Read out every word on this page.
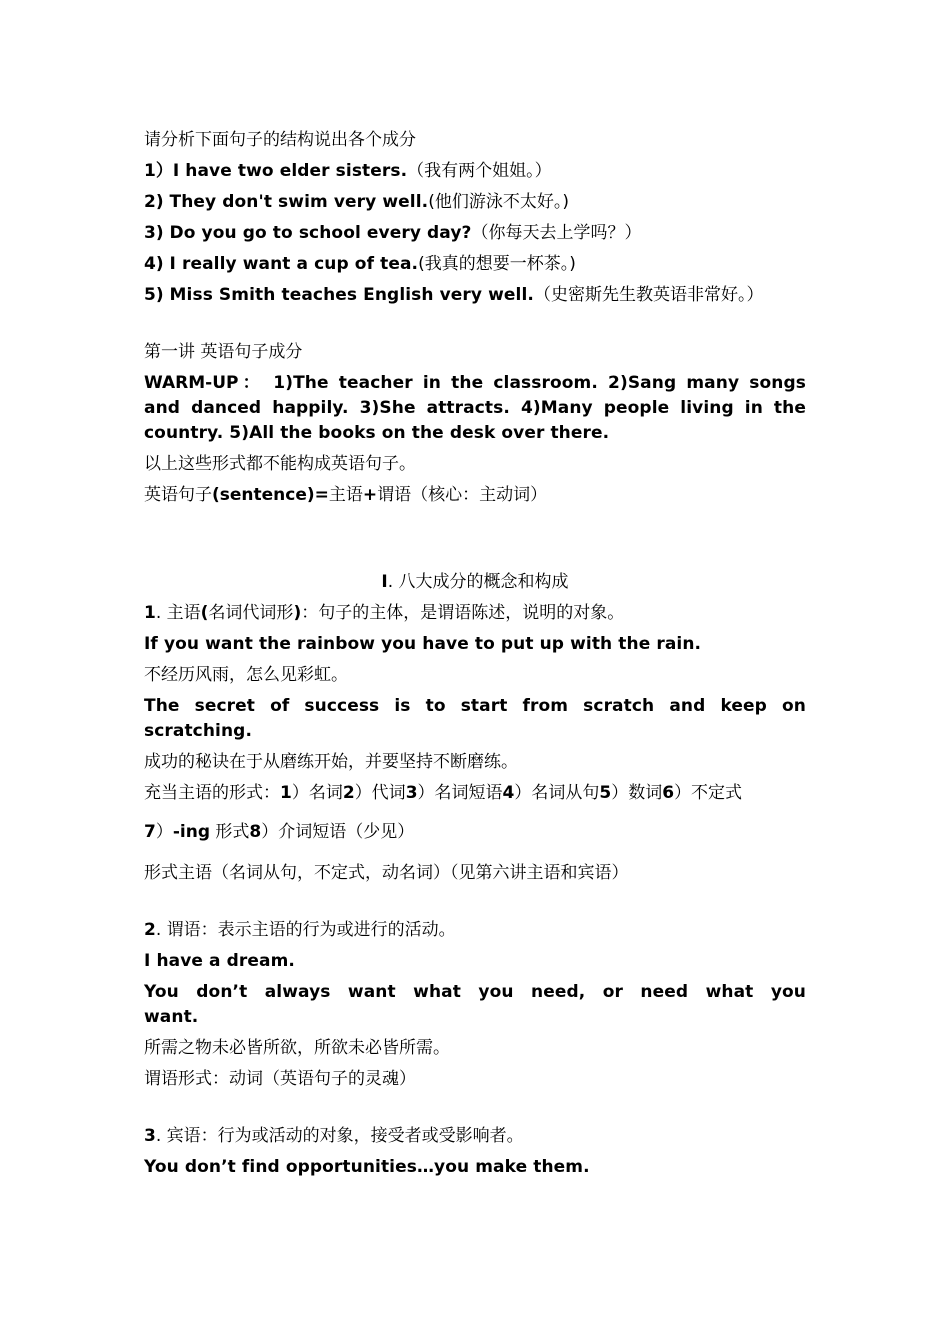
请分析下面句子的结构说出各个成分
1）I have two elder sisters.（我有两个姐姐。）
2) They don't swim very well.(他们游泳不太好。)
3) Do you go to school every day?（你每天去上学吗？）
4) I really want a cup of tea.(我真的想要一杯茶。)
5) Miss Smith teaches English very well.（史密斯先生教英语非常好。）
第一讲 英语句子成分
WARM-UP： 1)The teacher in the classroom. 2)Sang many songs and danced happily. 3)She attracts. 4)Many people living in the country. 5)All the books on the desk over there.
以上这些形式都不能构成英语句子。
英语句子(sentence)=主语+谓语（核心：主动词）
I. 八大成分的概念和构成
1. 主语(名词代词形)：句子的主体，是谓语陈述，说明的对象。
If you want the rainbow you have to put up with the rain.
不经历风雨，怎么见彩虹。
The secret of success is to start from scratch and keep on scratching.
成功的秘诀在于从磨练开始，并要坚持不断磨练。
充当主语的形式：1）名词2）代词3）名词短语4）名词从句5）数词6）不定式
7）-ing 形式8）介词短语（少见）
形式主语（名词从句，不定式，动名词）（见第六讲主语和宾语）
2. 谓语：表示主语的行为或进行的活动。
I have a dream.
You don’t always want what you need, or need what you want.
所需之物未必皆所欲，所欲未必皆所需。
谓语形式：动词（英语句子的灵魂）
3. 宾语：行为或活动的对象，接受者或受影响者。
You don’t find opportunities…you make them.
